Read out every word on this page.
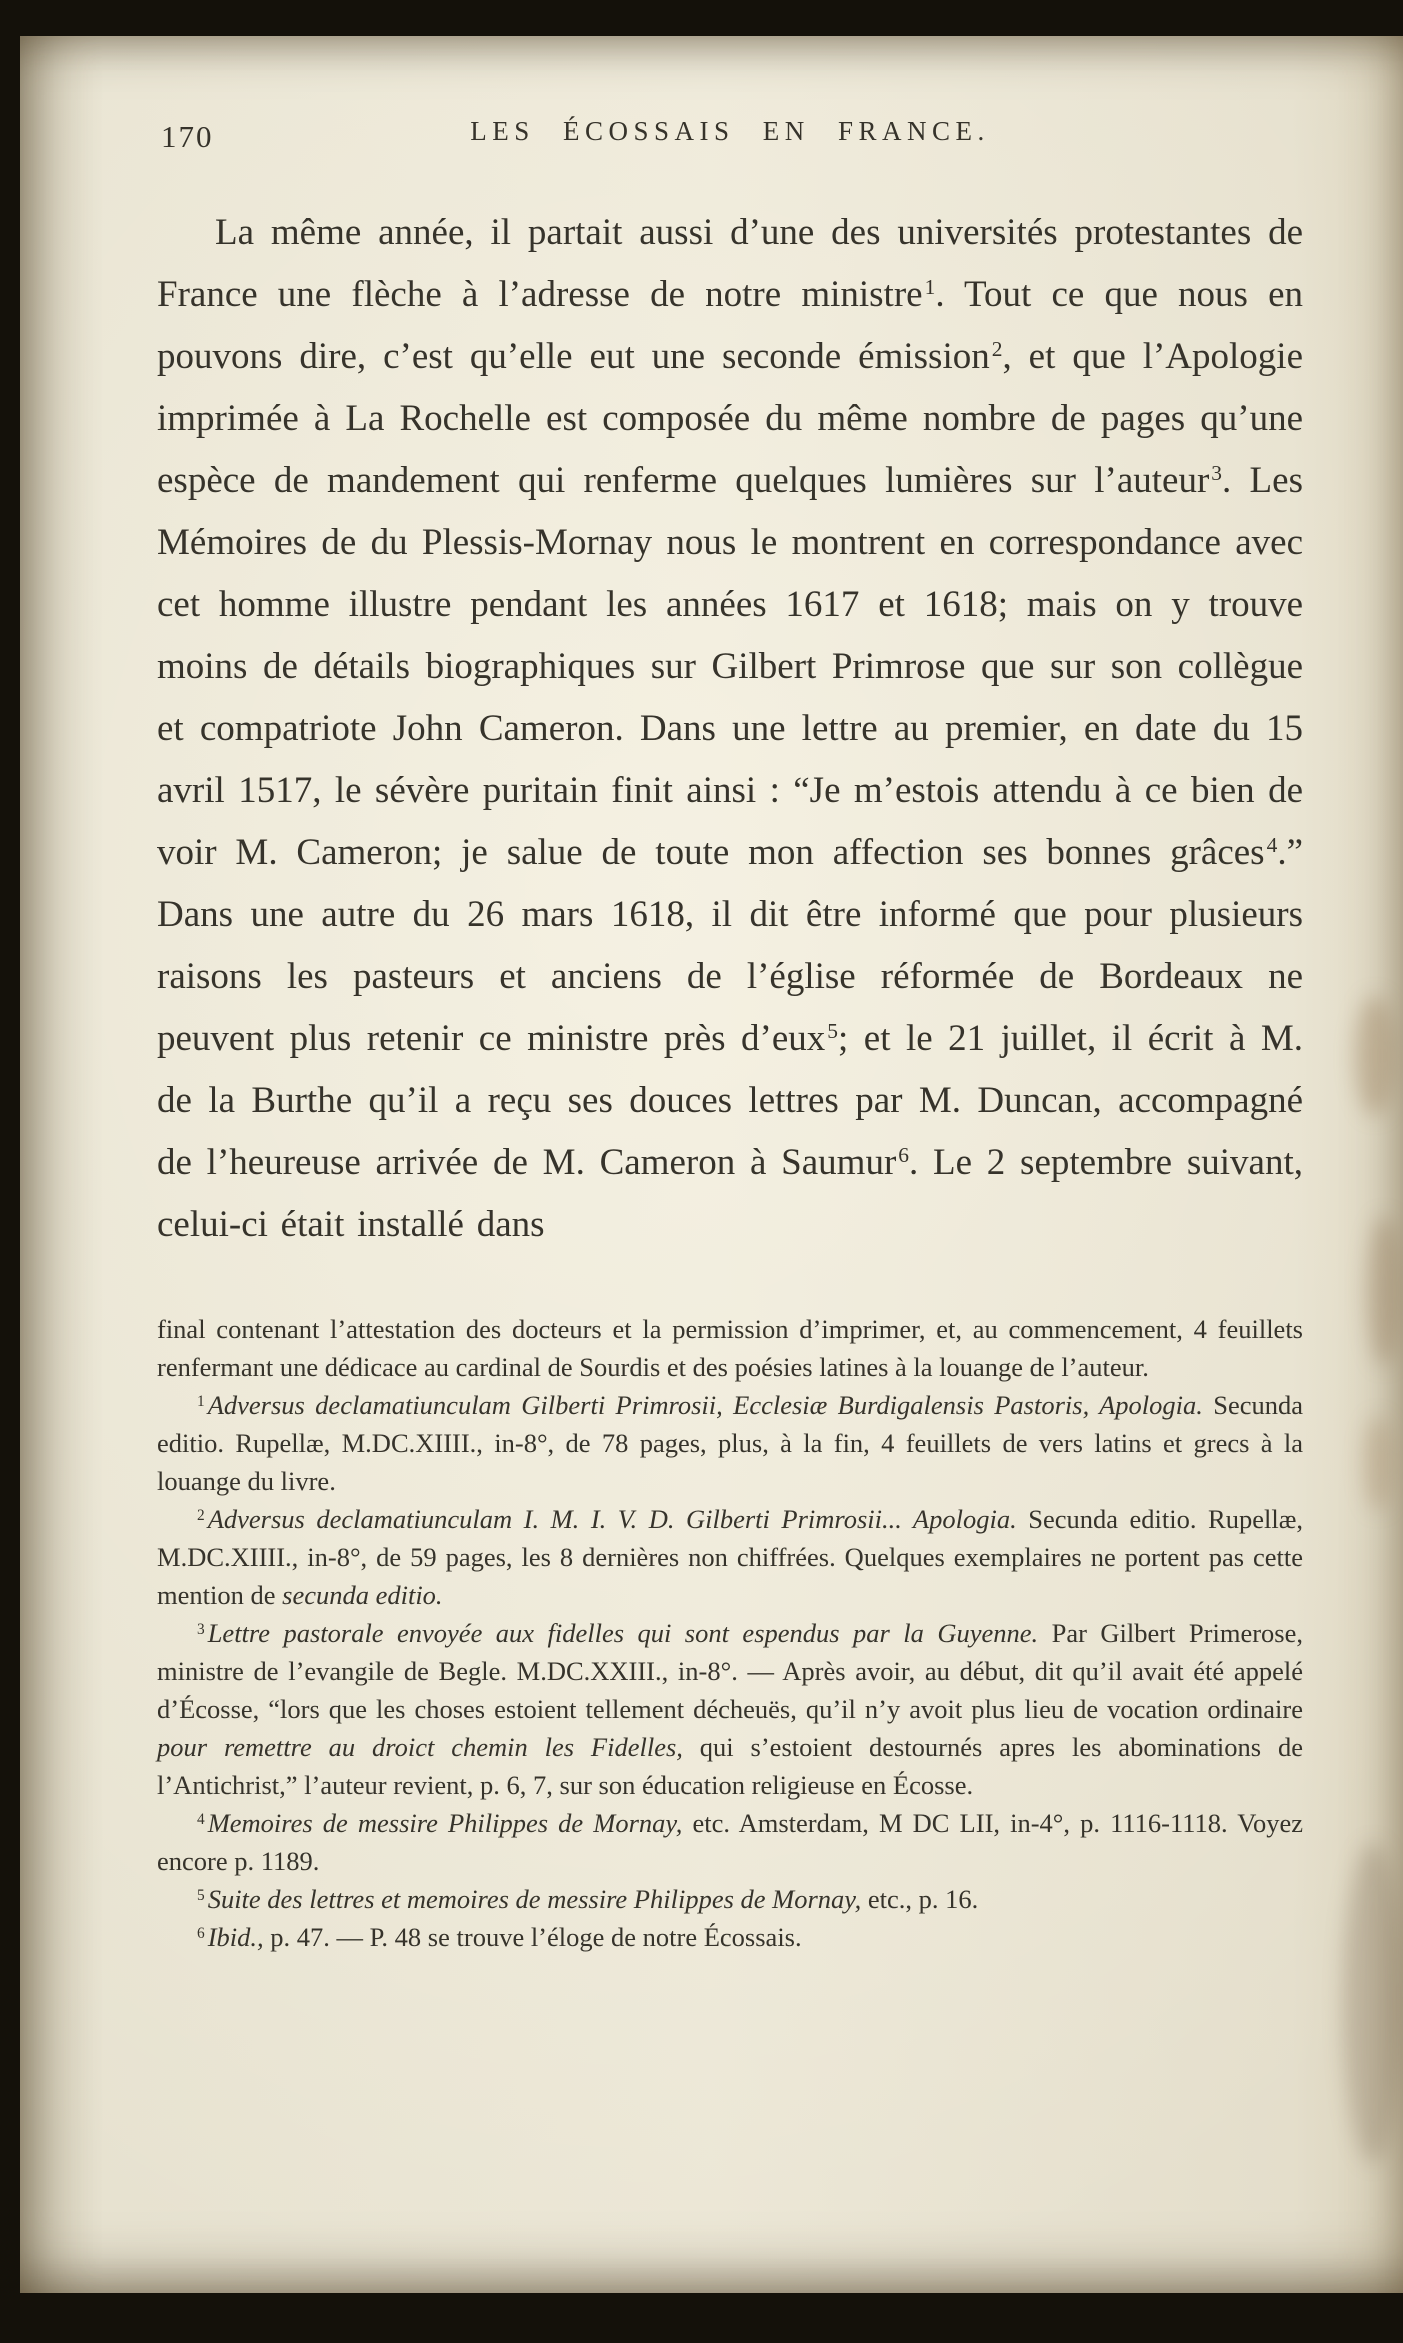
170	LES ÉCOSSAIS EN FRANCE.

La même année, il partait aussi d’une des universités protestantes de France une flèche à l’adresse de notre ministre$^1$. Tout ce que nous en pouvons dire, c’est qu’elle eut une seconde émission$^2$, et que l’Apologie imprimée à La Rochelle est composée du même nombre de pages qu’une espèce de mandement qui renferme quelques lumières sur l’auteur$^3$. Les Mémoires de du Plessis-Mornay nous le montrent en correspondance avec cet homme illustre pendant les années 1617 et 1618; mais on y trouve moins de détails biographiques sur Gilbert Primrose que sur son collègue et compatriote John Cameron. Dans une lettre au premier, en date du 15 avril 1517, le sévère puritain finit ainsi : “Je m’estois attendu à ce bien de voir M. Cameron; je salue de toute mon affection ses bonnes grâces$^4$.” Dans une autre du 26 mars 1618, il dit être informé que pour plusieurs raisons les pasteurs et anciens de l’église réformée de Bordeaux ne peuvent plus retenir ce ministre près d’eux$^5$; et le 21 juillet, il écrit à M. de la Burthe qu’il a reçu ses douces lettres par M. Duncan, accompagné de l’heureuse arrivée de M. Cameron à Saumur$^6$. Le 2 septembre suivant, celui-ci était installé dans

final contenant l’attestation des docteurs et la permission d’imprimer, et, au commencement, 4 feuillets renfermant une dédicace au cardinal de Sourdis et des poésies latines à la louange de l’auteur.

$^1$ Adversus declamatiunculam Gilberti Primrosii, Ecclesiæ Burdigalensis Pastoris, Apologia. Secunda editio. Rupellæ, M.DC.XIIII., in-8°, de 78 pages, plus, à la fin, 4 feuillets de vers latins et grecs à la louange du livre.

$^2$ Adversus declamatiunculam I. M. I. V. D. Gilberti Primrosii... Apologia. Secunda editio. Rupellæ, M.DC.XIIII., in-8°, de 59 pages, les 8 dernières non chiffrées. Quelques exemplaires ne portent pas cette mention de secunda editio.

$^3$ Lettre pastorale envoyée aux fidelles qui sont espendus par la Guyenne. Par Gilbert Primerose, ministre de l’evangile de Begle. M.DC.XXIII., in-8°. — Après avoir, au début, dit qu’il avait été appelé d’Écosse, “lors que les choses estoient tellement décheuës, qu’il n’y avoit plus lieu de vocation ordinaire pour remettre au droict chemin les Fidelles, qui s’estoient destournés apres les abominations de l’Antichrist,” l’auteur revient, p. 6, 7, sur son éducation religieuse en Écosse.

$^4$ Memoires de messire Philippes de Mornay, etc. Amsterdam, M DC LII, in-4°, p. 1116-1118. Voyez encore p. 1189.

$^5$ Suite des lettres et memoires de messire Philippes de Mornay, etc., p. 16.

$^6$ Ibid., p. 47. — P. 48 se trouve l’éloge de notre Écossais.
